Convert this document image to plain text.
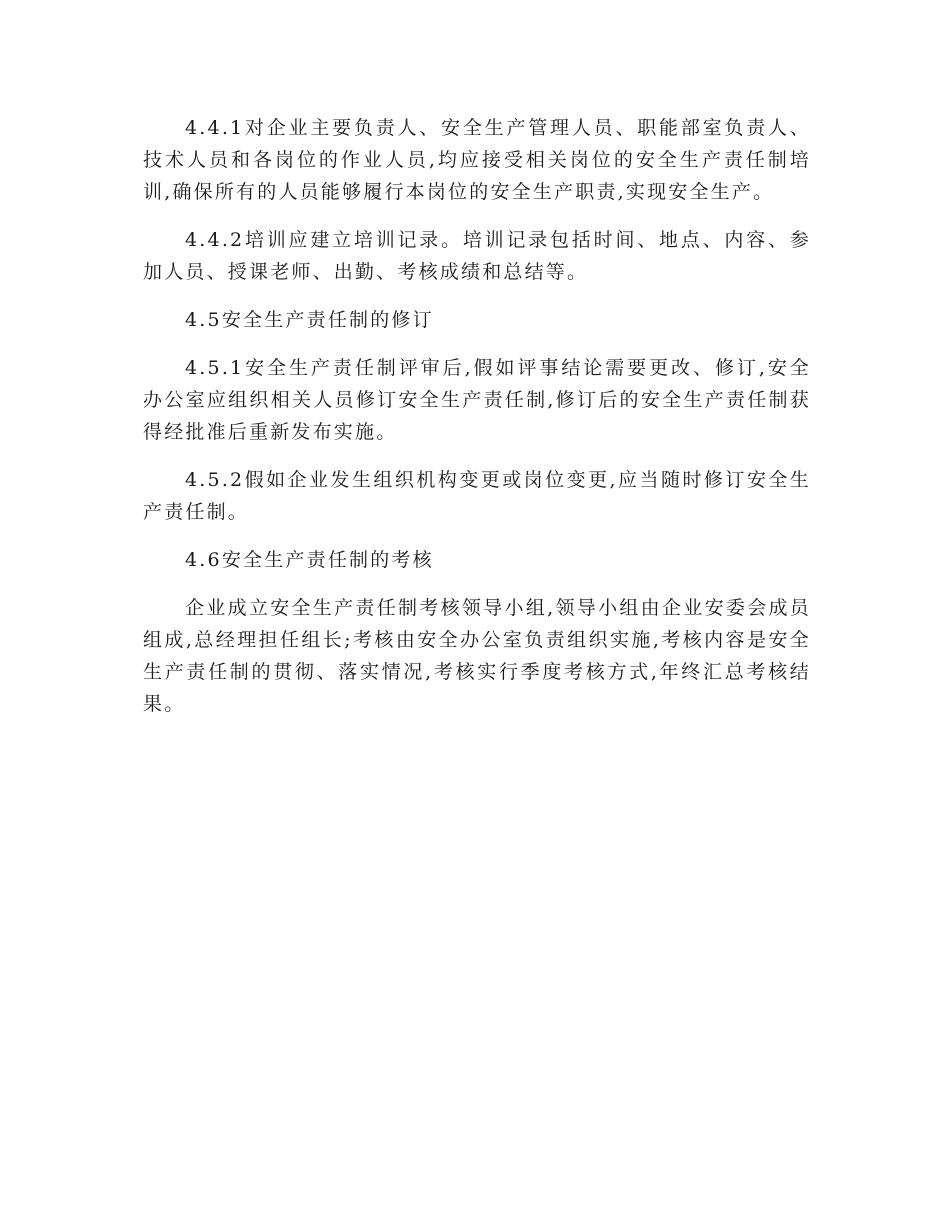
4.4.1对企业主要负责人、安全生产管理人员、职能部室负责人、技术人员和各岗位的作业人员,均应接受相关岗位的安全生产责任制培训,确保所有的人员能够履行本岗位的安全生产职责,实现安全生产。

4.4.2培训应建立培训记录。培训记录包括时间、地点、内容、参加人员、授课老师、出勤、考核成绩和总结等。

4.5安全生产责任制的修订

4.5.1安全生产责任制评审后,假如评事结论需要更改、修订,安全办公室应组织相关人员修订安全生产责任制,修订后的安全生产责任制获得经批准后重新发布实施。

4.5.2假如企业发生组织机构变更或岗位变更,应当随时修订安全生产责任制。

4.6安全生产责任制的考核

企业成立安全生产责任制考核领导小组,领导小组由企业安委会成员组成,总经理担任组长;考核由安全办公室负责组织实施,考核内容是安全生产责任制的贯彻、落实情况,考核实行季度考核方式,年终汇总考核结果。
